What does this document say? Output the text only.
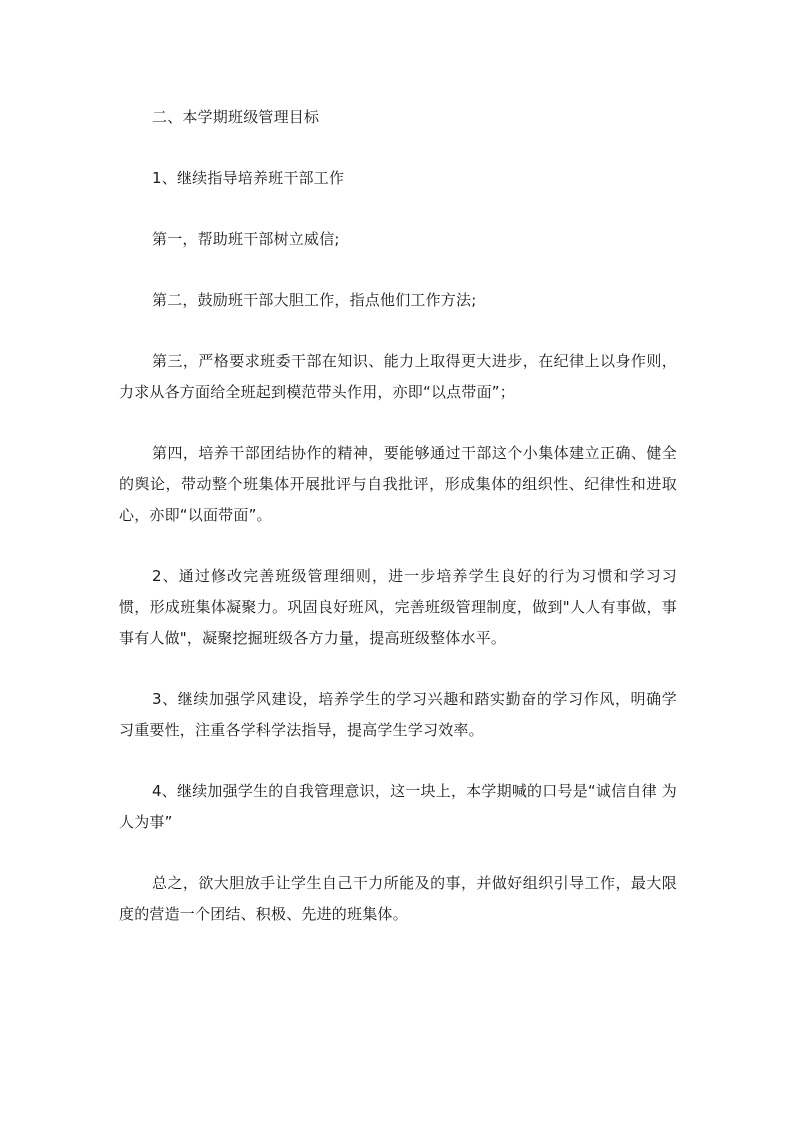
二、本学期班级管理目标

1、继续指导培养班干部工作

第一，帮助班干部树立威信;

第二，鼓励班干部大胆工作，指点他们工作方法;

第三，严格要求班委干部在知识、能力上取得更大进步，在纪律上以身作则，力求从各方面给全班起到模范带头作用，亦即“以点带面”；

第四，培养干部团结协作的精神，要能够通过干部这个小集体建立正确、健全的舆论，带动整个班集体开展批评与自我批评，形成集体的组织性、纪律性和进取心，亦即“以面带面”。

2、通过修改完善班级管理细则，进一步培养学生良好的行为习惯和学习习惯，形成班集体凝聚力。巩固良好班风，完善班级管理制度，做到"人人有事做，事事有人做"，凝聚挖掘班级各方力量，提高班级整体水平。

3、继续加强学风建设，培养学生的学习兴趣和踏实勤奋的学习作风，明确学习重要性，注重各学科学法指导，提高学生学习效率。

4、继续加强学生的自我管理意识，这一块上，本学期喊的口号是“诚信自律 为人为事”

总之，欲大胆放手让学生自己干力所能及的事，并做好组织引导工作，最大限度的营造一个团结、积极、先进的班集体。
